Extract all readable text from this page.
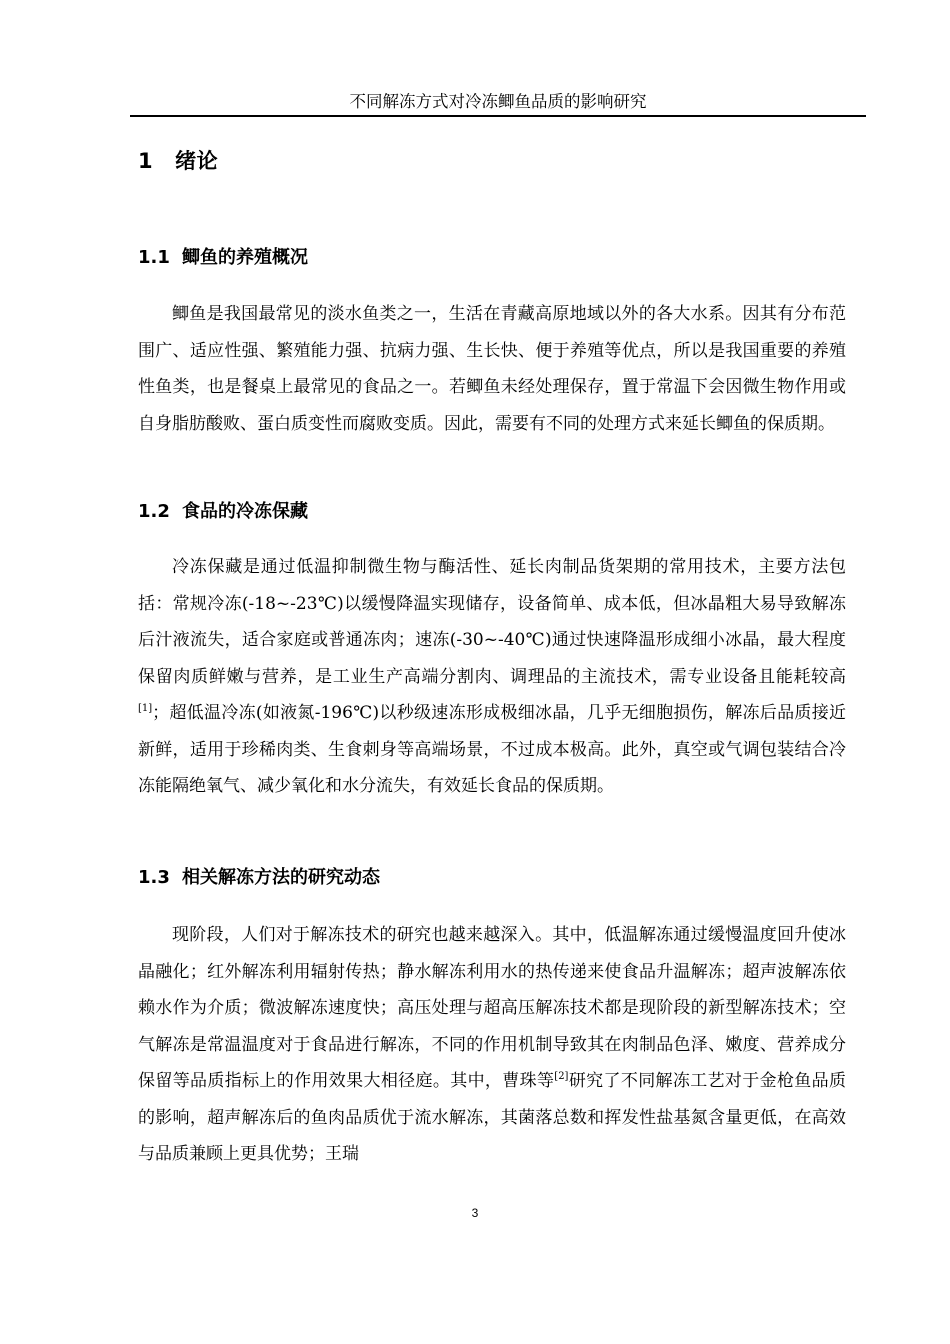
不同解冻方式对冷冻鲫鱼品质的影响研究
1 绪论
1.1 鲫鱼的养殖概况

鲫鱼是我国最常见的淡水鱼类之一，生活在青藏高原地域以外的各大水系。因其有分布范围广、适应性强、繁殖能力强、抗病力强、生长快、便于养殖等优点，所以是我国重要的养殖性鱼类，也是餐桌上最常见的食品之一。若鲫鱼未经处理保存，置于常温下会因微生物作用或自身脂肪酸败、蛋白质变性而腐败变质。因此，需要有不同的处理方式来延长鲫鱼的保质期。

1.2 食品的冷冻保藏

冷冻保藏是通过低温抑制微生物与酶活性、延长肉制品货架期的常用技术，主要方法包括：常规冷冻(-18~-23℃)以缓慢降温实现储存，设备简单、成本低，但冰晶粗大易导致解冻后汁液流失，适合家庭或普通冻肉；速冻(-30~-40℃)通过快速降温形成细小冰晶，最大程度保留肉质鲜嫩与营养，是工业生产高端分割肉、调理品的主流技术，需专业设备且能耗较高[1]；超低温冷冻(如液氮-196℃)以秒级速冻形成极细冰晶，几乎无细胞损伤，解冻后品质接近新鲜，适用于珍稀肉类、生食刺身等高端场景，不过成本极高。此外，真空或气调包装结合冷冻能隔绝氧气、减少氧化和水分流失，有效延长食品的保质期。

1.3 相关解冻方法的研究动态

现阶段，人们对于解冻技术的研究也越来越深入。其中，低温解冻通过缓慢温度回升使冰晶融化；红外解冻利用辐射传热；静水解冻利用水的热传递来使食品升温解冻；超声波解冻依赖水作为介质；微波解冻速度快；高压处理与超高压解冻技术都是现阶段的新型解冻技术；空气解冻是常温温度对于食品进行解冻，不同的作用机制导致其在肉制品色泽、嫩度、营养成分保留等品质指标上的作用效果大相径庭。其中，曹珠等[2]研究了不同解冻工艺对于金枪鱼品质的影响，超声解冻后的鱼肉品质优于流水解冻，其菌落总数和挥发性盐基氮含量更低，在高效与品质兼顾上更具优势；王瑞

3
